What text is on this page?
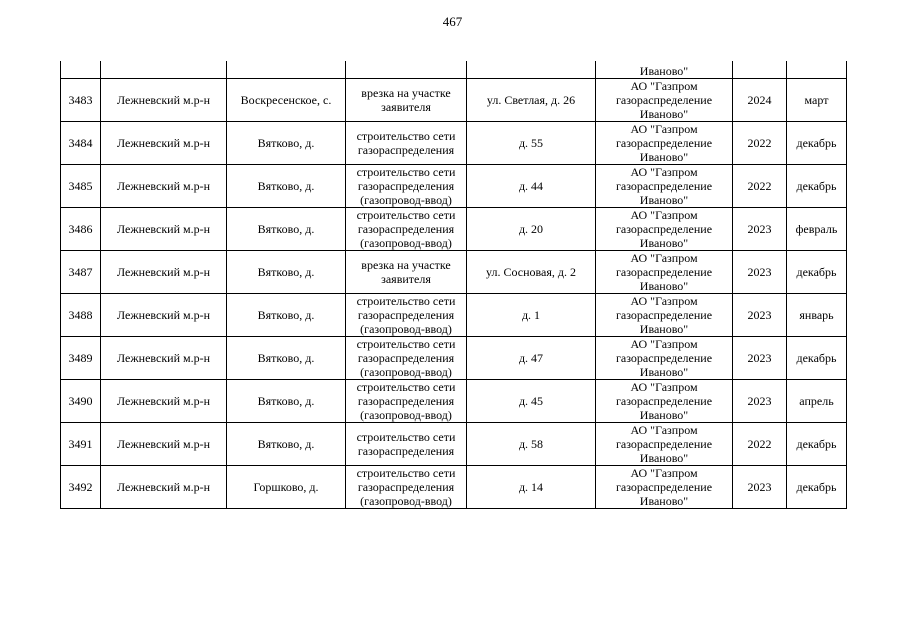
467
					Иваново"		
3483	Лежневский м.р-н	Воскресенское, с.	врезка на участке заявителя	ул. Светлая, д. 26	АО "Газпром газораспределение Иваново"	2024	март
3484	Лежневский м.р-н	Вятково, д.	строительство сети газораспределения	д. 55	АО "Газпром газораспределение Иваново"	2022	декабрь
3485	Лежневский м.р-н	Вятково, д.	строительство сети газораспределения (газопровод-ввод)	д. 44	АО "Газпром газораспределение Иваново"	2022	декабрь
3486	Лежневский м.р-н	Вятково, д.	строительство сети газораспределения (газопровод-ввод)	д. 20	АО "Газпром газораспределение Иваново"	2023	февраль
3487	Лежневский м.р-н	Вятково, д.	врезка на участке заявителя	ул. Сосновая, д. 2	АО "Газпром газораспределение Иваново"	2023	декабрь
3488	Лежневский м.р-н	Вятково, д.	строительство сети газораспределения (газопровод-ввод)	д. 1	АО "Газпром газораспределение Иваново"	2023	январь
3489	Лежневский м.р-н	Вятково, д.	строительство сети газораспределения (газопровод-ввод)	д. 47	АО "Газпром газораспределение Иваново"	2023	декабрь
3490	Лежневский м.р-н	Вятково, д.	строительство сети газораспределения (газопровод-ввод)	д. 45	АО "Газпром газораспределение Иваново"	2023	апрель
3491	Лежневский м.р-н	Вятково, д.	строительство сети газораспределения	д. 58	АО "Газпром газораспределение Иваново"	2022	декабрь
3492	Лежневский м.р-н	Горшково, д.	строительство сети газораспределения (газопровод-ввод)	д. 14	АО "Газпром газораспределение Иваново"	2023	декабрь
